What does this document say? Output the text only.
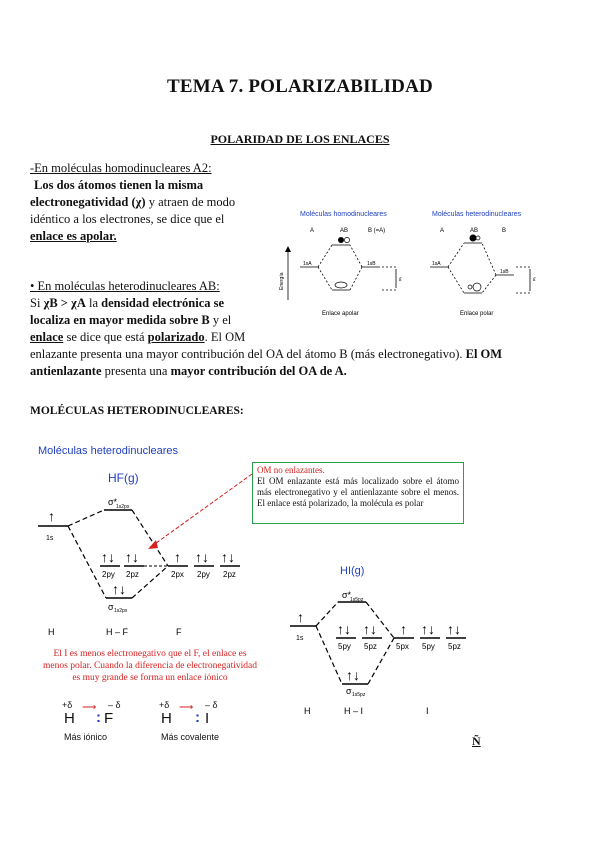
TEMA 7. POLARIZABILIDAD
POLARIDAD DE LOS ENLACES
-En moléculas homodinucleares A2:
Los dos átomos tienen la misma
electronegatividad (χ) y atraen de modo
idéntico a los electrones, se dice que el
enlace es apolar.
• En moléculas heterodinucleares AB:
Si χB > χA la densidad electrónica se
localiza en mayor medida sobre B y el
enlace se dice que está polarizado. El OM
enlazante presenta una mayor contribución del OA del átomo B (más electronegativo). El OM
antienlazante presenta una mayor contribución del OA de A.
Moléculas homodinucleares	Moléculas heterodinucleares
A	AB	B (=A)	A	AB	B
Energía
1sA	1sB
ε
Enlace apolar
1sA
1sB
ε
Enlace polar
MOLÉCULAS HETERODINUCLEARES:
Moléculas heterodinucleares
HF(g)
↑
1s
σ*
1s2px
↑↓ ↑↓
2py 2pz
↑ ↑↓ ↑↓
2px 2py 2pz
↑↓
σ 1s2px
H	H – F	F
OM no enlazantes.
El OM enlazante está más localizado sobre el átomo más electronegativo y el antienlazante sobre el menos. El enlace está polarizado, la molécula es polar
HI(g)
↑
1s
σ*
1s5pz
↑↓ ↑↓
5py 5pz
↑ ↑↓ ↑↓
5px 5py 5pz
↑↓
σ 1s5pz
H	H – I	I
El I es menos electronegativo que el F, el enlace es menos polar. Cuando la diferencia de electronegatividad es muy grande se forma un enlace iónico
+δ	– δ
⟶
H : F
Más iónico
+δ	– δ
⟶
H : I
Más covalente	Ñ
